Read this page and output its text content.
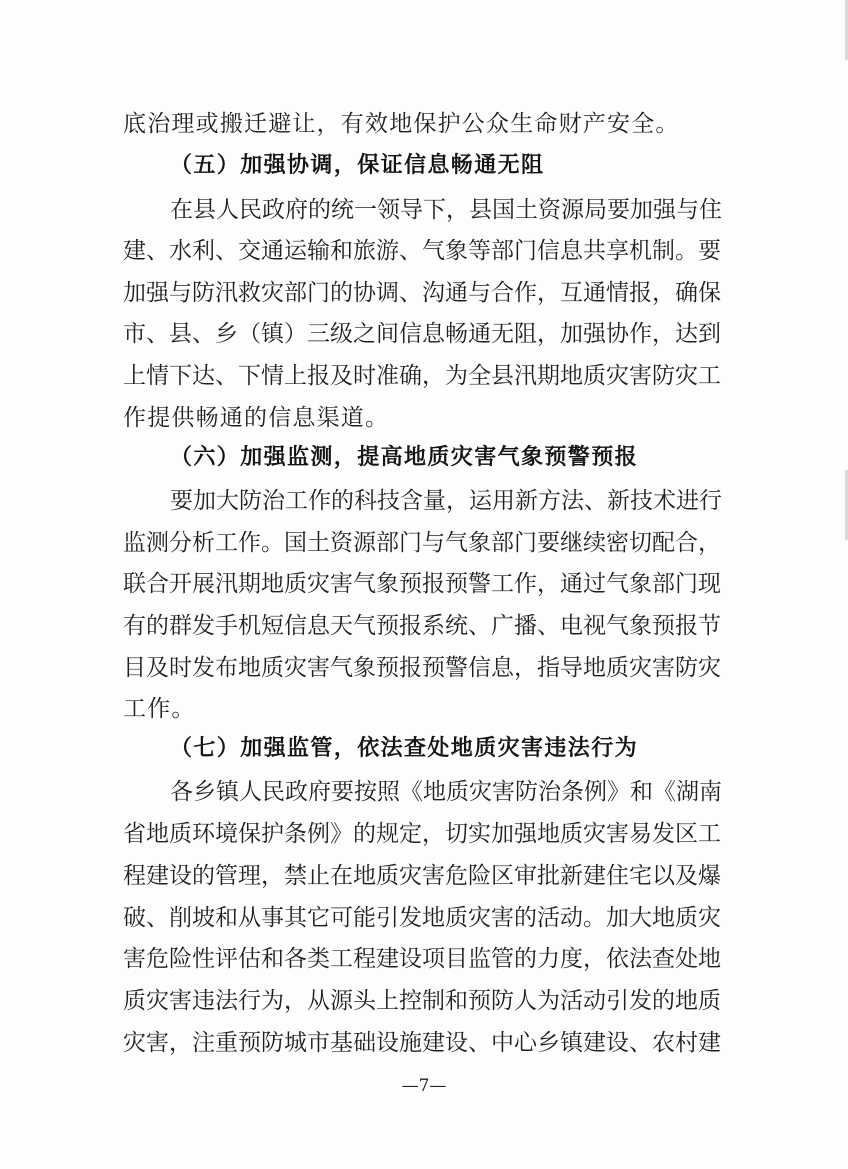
底治理或搬迁避让，有效地保护公众生命财产安全。
（五）加强协调，保证信息畅通无阻
在县人民政府的统一领导下，县国土资源局要加强与住
建、水利、交通运输和旅游、气象等部门信息共享机制。要
加强与防汛救灾部门的协调、沟通与合作，互通情报，确保
市、县、乡（镇）三级之间信息畅通无阻，加强协作，达到
上情下达、下情上报及时准确，为全县汛期地质灾害防灾工
作提供畅通的信息渠道。
（六）加强监测，提高地质灾害气象预警预报
要加大防治工作的科技含量，运用新方法、新技术进行
监测分析工作。国土资源部门与气象部门要继续密切配合，
联合开展汛期地质灾害气象预报预警工作，通过气象部门现
有的群发手机短信息天气预报系统、广播、电视气象预报节
目及时发布地质灾害气象预报预警信息，指导地质灾害防灾
工作。
（七）加强监管，依法查处地质灾害违法行为
各乡镇人民政府要按照《地质灾害防治条例》和《湖南
省地质环境保护条例》的规定，切实加强地质灾害易发区工
程建设的管理，禁止在地质灾害危险区审批新建住宅以及爆
破、削坡和从事其它可能引发地质灾害的活动。加大地质灾
害危险性评估和各类工程建设项目监管的力度，依法查处地
质灾害违法行为，从源头上控制和预防人为活动引发的地质
灾害，注重预防城市基础设施建设、中心乡镇建设、农村建
—7—
